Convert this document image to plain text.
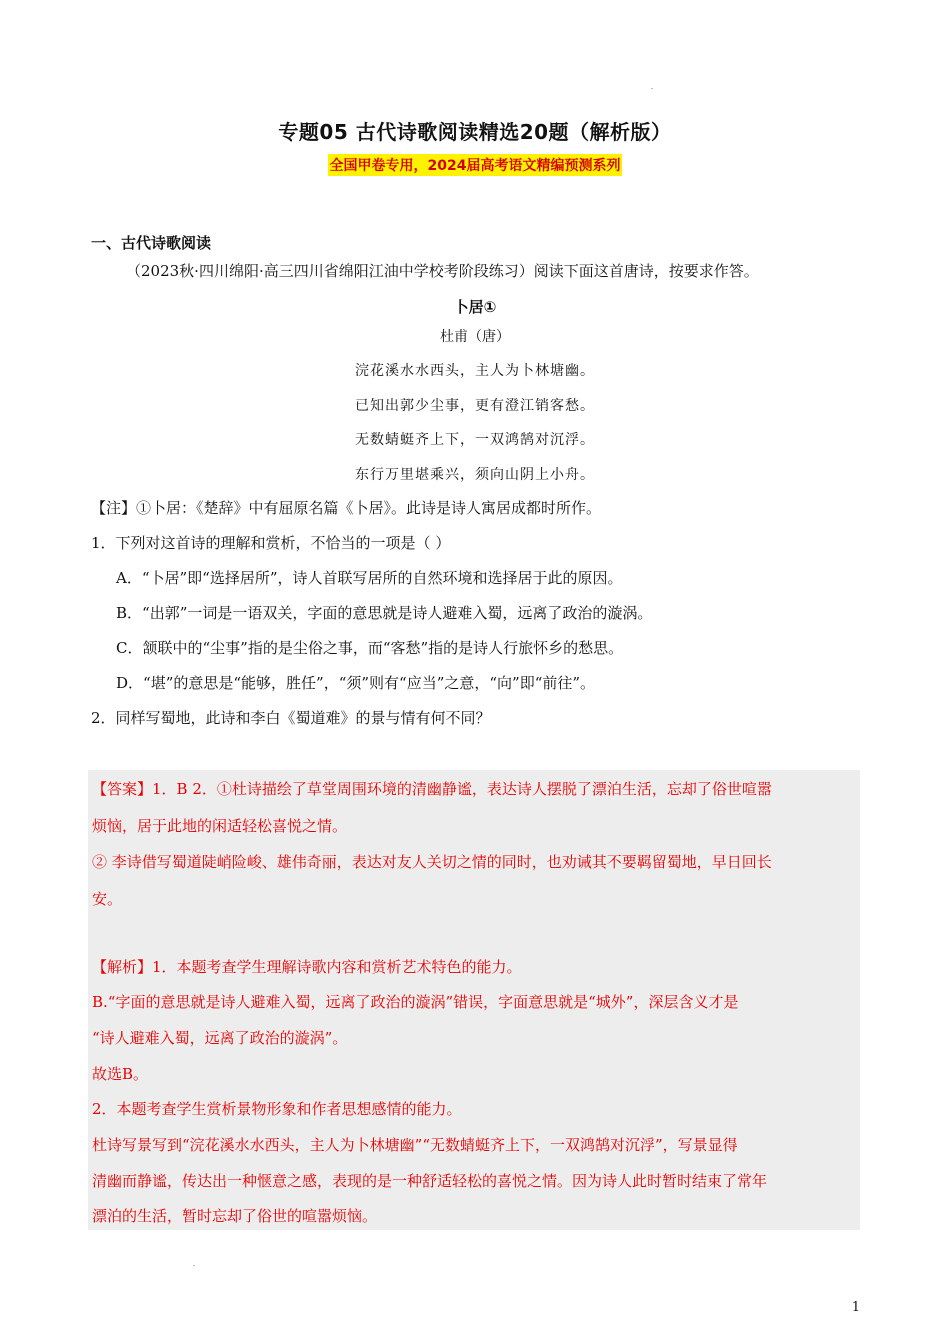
专题05 古代诗歌阅读精选20题（解析版）
全国甲卷专用，2024届高考语文精编预测系列
一、古代诗歌阅读
（2023秋·四川绵阳·高三四川省绵阳江油中学校考阶段练习）阅读下面这首唐诗，按要求作答。
卜居①
杜甫（唐）
浣花溪水水西头，主人为卜林塘幽。
已知出郭少尘事，更有澄江销客愁。
无数蜻蜓齐上下，一双鸿鹄对沉浮。
东行万里堪乘兴，须向山阴上小舟。
【注】①卜居：《楚辞》中有屈原名篇《卜居》。此诗是诗人寓居成都时所作。
1．下列对这首诗的理解和赏析，不恰当的一项是（ ）
A．“卜居”即“选择居所”，诗人首联写居所的自然环境和选择居于此的原因。
B．“出郭”一词是一语双关，字面的意思就是诗人避难入蜀，远离了政治的漩涡。
C．颔联中的“尘事”指的是尘俗之事，而“客愁”指的是诗人行旅怀乡的愁思。
D．“堪”的意思是“能够，胜任”，“须”则有“应当”之意，“向”即“前往”。
2．同样写蜀地，此诗和李白《蜀道难》的景与情有何不同？
【答案】1．B 2．①杜诗描绘了草堂周围环境的清幽静谧，表达诗人摆脱了漂泊生活，忘却了俗世喧嚣
烦恼，居于此地的闲适轻松喜悦之情。
② 李诗借写蜀道陡峭险峻、雄伟奇丽，表达对友人关切之情的同时，也劝诫其不要羁留蜀地，早日回长
安。
【解析】1．本题考查学生理解诗歌内容和赏析艺术特色的能力。
B.“字面的意思就是诗人避难入蜀，远离了政治的漩涡”错误，字面意思就是“城外”，深层含义才是
“诗人避难入蜀，远离了政治的漩涡”。
故选B。
2．本题考查学生赏析景物形象和作者思想感情的能力。
杜诗写景写到“浣花溪水水西头，主人为卜林塘幽”“无数蜻蜓齐上下，一双鸿鹄对沉浮”，写景显得
清幽而静谧，传达出一种惬意之感，表现的是一种舒适轻松的喜悦之情。因为诗人此时暂时结束了常年
漂泊的生活，暂时忘却了俗世的喧嚣烦恼。
1
